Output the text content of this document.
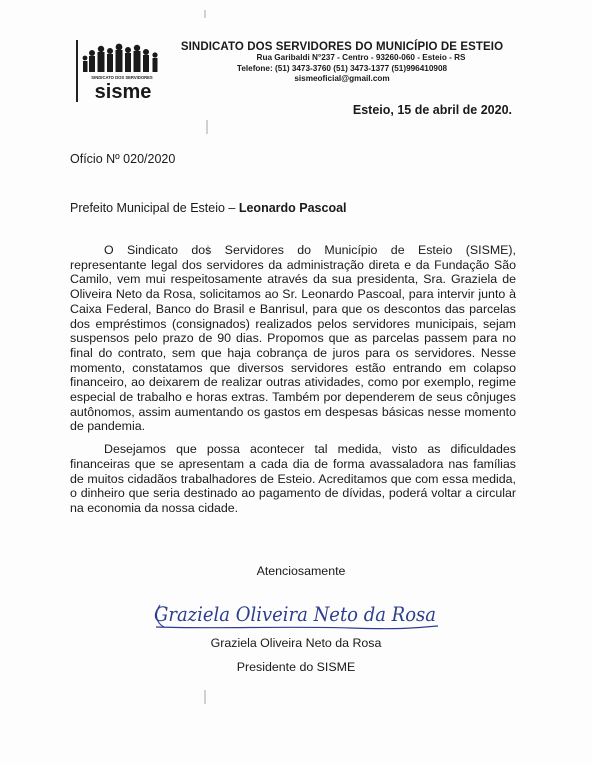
SINDICATO DOS SERVIDORES
sisme
SINDICATO DOS SERVIDORES DO MUNICÍPIO DE ESTEIO
Rua Garibaldi N°237 - Centro - 93260-060 - Esteio - RS
Telefone: (51) 3473-3760 (51) 3473-1377 (51)996410908
sismeoficial@gmail.com
Esteio, 15 de abril de 2020.
Ofício Nº 020/2020
Prefeito Municipal de Esteio – Leonardo Pascoal

O Sindicato dos Servidores do Município de Esteio (SISME), representante legal dos servidores da administração direta e da Fundação São Camilo, vem mui respeitosamente através da sua presidenta, Sra. Graziela de Oliveira Neto da Rosa, solicitamos ao Sr. Leonardo Pascoal, para intervir junto à Caixa Federal, Banco do Brasil e Banrisul, para que os descontos das parcelas dos empréstimos (consignados) realizados pelos servidores municipais, sejam suspensos pelo prazo de 90 dias. Propomos que as parcelas passem para no final do contrato, sem que haja cobrança de juros para os servidores. Nesse momento, constatamos que diversos servidores estão entrando em colapso financeiro, ao deixarem de realizar outras atividades, como por exemplo, regime especial de trabalho e horas extras. Também por dependerem de seus cônjuges autônomos, assim aumentando os gastos em despesas básicas nesse momento de pandemia.

Desejamos que possa acontecer tal medida, visto as dificuldades financeiras que se apresentam a cada dia de forma avassaladora nas famílias de muitos cidadãos trabalhadores de Esteio. Acreditamos que com essa medida, o dinheiro que seria destinado ao pagamento de dívidas, poderá voltar a circular na economia da nossa cidade.

Atenciosamente
Graziela Oliveira Neto da Rosa
Graziela Oliveira Neto da Rosa
Presidente do SISME
